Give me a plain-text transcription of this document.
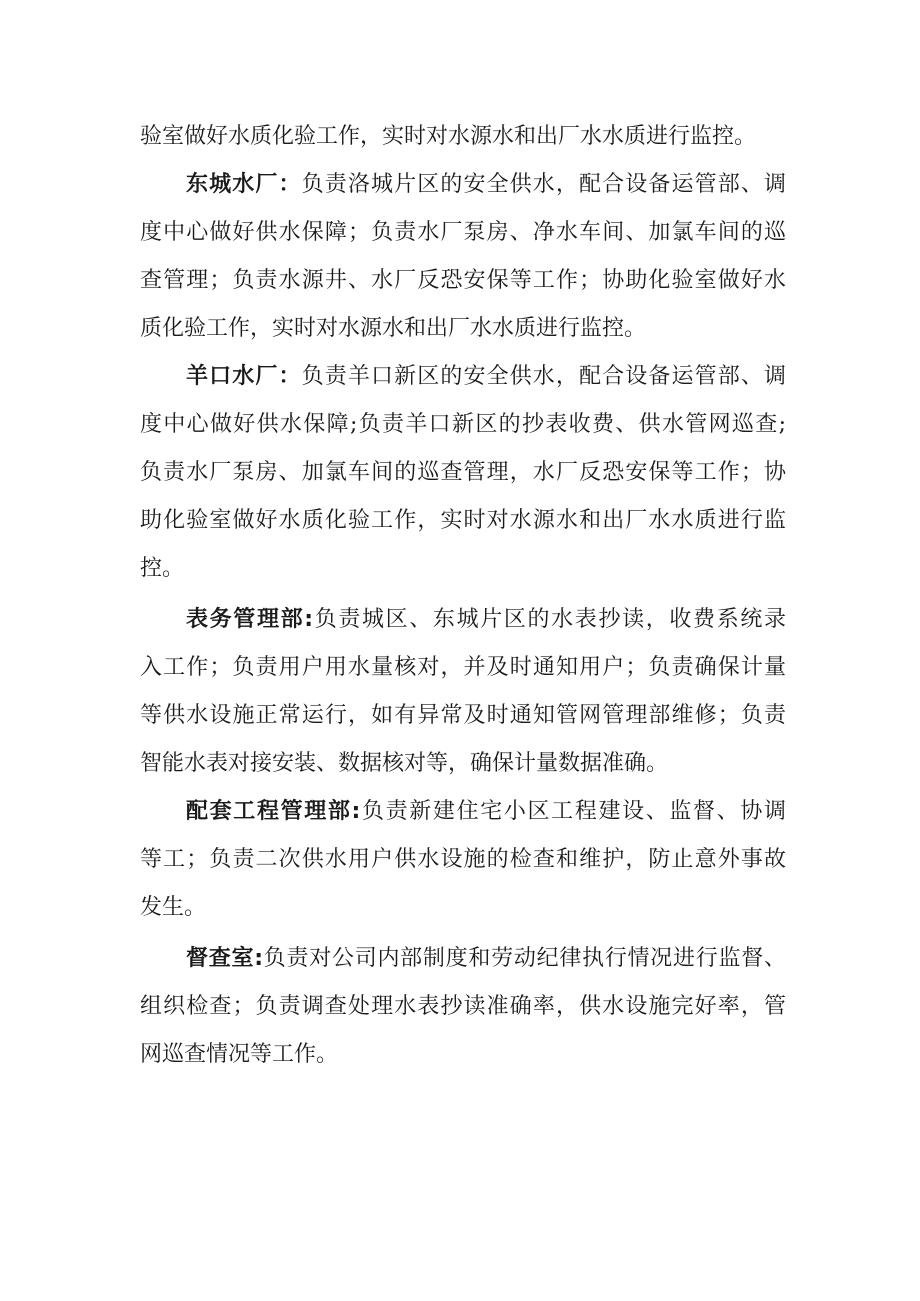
验室做好水质化验工作，实时对水源水和出厂水水质进行监控。
东城水厂：负责洛城片区的安全供水，配合设备运管部、调
度中心做好供水保障；负责水厂泵房、净水车间、加氯车间的巡
查管理；负责水源井、水厂反恐安保等工作；协助化验室做好水
质化验工作，实时对水源水和出厂水水质进行监控。
羊口水厂：负责羊口新区的安全供水，配合设备运管部、调
度中心做好供水保障;负责羊口新区的抄表收费、供水管网巡查;
负责水厂泵房、加氯车间的巡查管理，水厂反恐安保等工作；协
助化验室做好水质化验工作，实时对水源水和出厂水水质进行监
控。
表务管理部:负责城区、东城片区的水表抄读，收费系统录
入工作；负责用户用水量核对，并及时通知用户；负责确保计量
等供水设施正常运行，如有异常及时通知管网管理部维修；负责
智能水表对接安装、数据核对等，确保计量数据准确。
配套工程管理部:负责新建住宅小区工程建设、监督、协调
等工；负责二次供水用户供水设施的检查和维护，防止意外事故
发生。
督查室:负责对公司内部制度和劳动纪律执行情况进行监督、
组织检查；负责调查处理水表抄读准确率，供水设施完好率，管
网巡查情况等工作。
